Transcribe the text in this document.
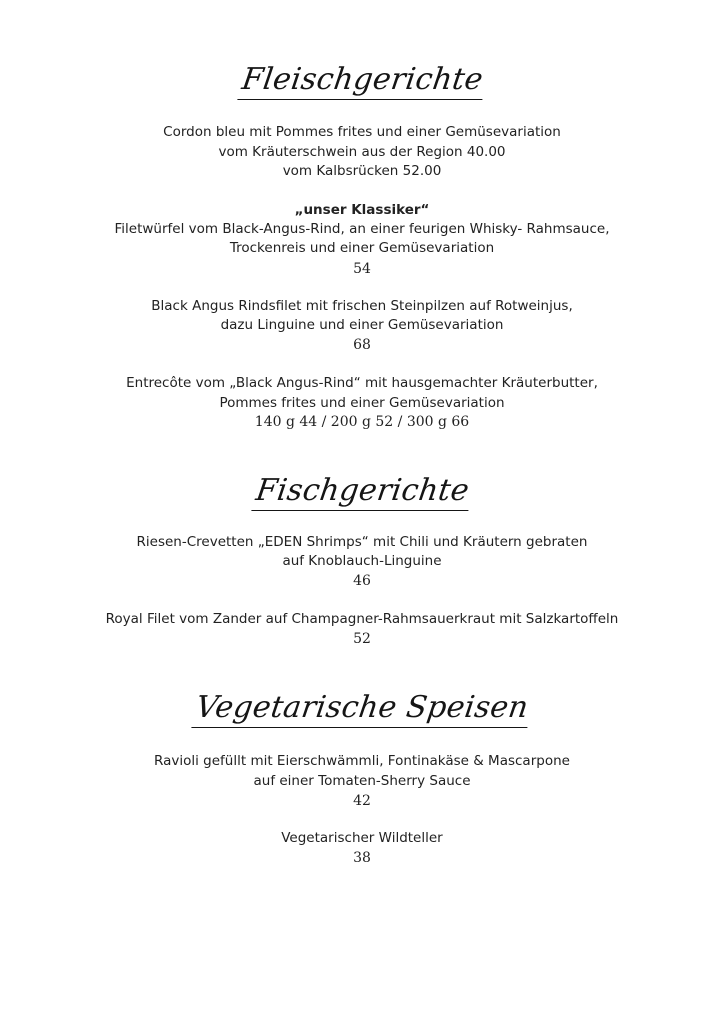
Fleischgerichte
Cordon bleu mit Pommes frites und einer Gemüsevariation
vom Kräuterschwein aus der Region 40.00
vom Kalbsrücken 52.00
„unser Klassiker“
Filetwürfel vom Black-Angus-Rind, an einer feurigen Whisky- Rahmsauce,
Trockenreis und einer Gemüsevariation
54
Black Angus Rindsfilet mit frischen Steinpilzen auf Rotweinjus,
dazu Linguine und einer Gemüsevariation
68
Entrecôte vom „Black Angus-Rind“ mit hausgemachter Kräuterbutter,
Pommes frites und einer Gemüsevariation
140 g 44 / 200 g 52 / 300 g 66
Fischgerichte
Riesen-Crevetten „EDEN Shrimps“ mit Chili und Kräutern gebraten
auf Knoblauch-Linguine
46
Royal Filet vom Zander auf Champagner-Rahmsauerkraut mit Salzkartoffeln
52
Vegetarische Speisen
Ravioli gefüllt mit Eierschwämmli, Fontinakäse & Mascarpone
auf einer Tomaten-Sherry Sauce
42
Vegetarischer Wildteller
38
